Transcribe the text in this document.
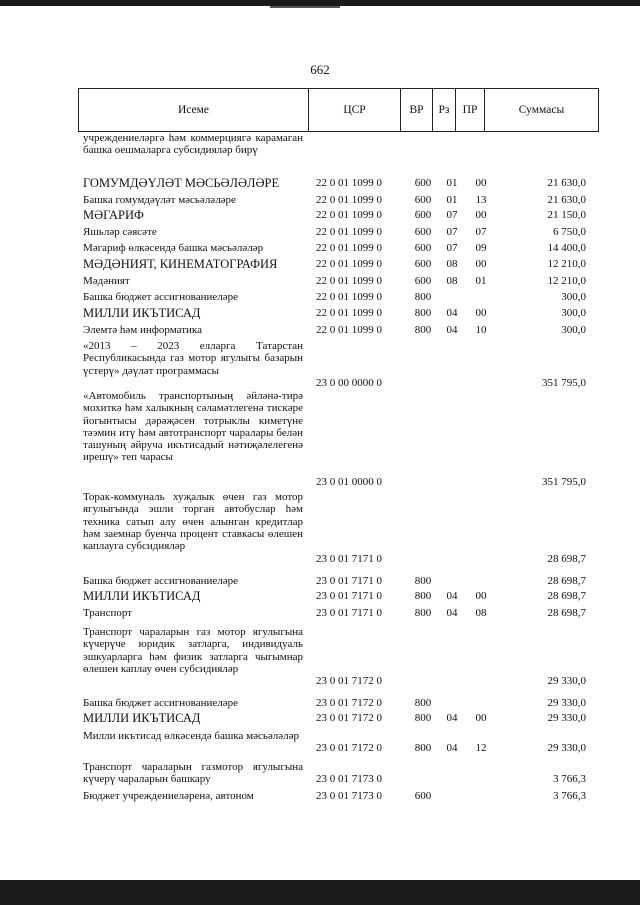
662
Исеме	ЦСР	ВР	Рз	ПР	Суммасы
учреждениеләргә һәм коммерциягә карамаган башка оешмаларга субсидияләр бирү
ГОМУМДӘҮЛӘТ МӘСЬӘЛӘЛӘРЕ	22 0 01 1099 0	600	01	00	21 630,0
Башка гомумдәүләт мәсьәләләре	22 0 01 1099 0	600	01	13	21 630,0
МӘГАРИФ	22 0 01 1099 0	600	07	00	21 150,0
Яшьләр сәясәте	22 0 01 1099 0	600	07	07	6 750,0
Мәгариф өлкәсендә башка мәсьәләләр	22 0 01 1099 0	600	07	09	14 400,0
МӘДӘНИЯТ, КИНЕМАТОГРАФИЯ	22 0 01 1099 0	600	08	00	12 210,0
Мәдәният	22 0 01 1099 0	600	08	01	12 210,0
Башка бюджет ассигнованиеләре	22 0 01 1099 0	800	300,0
МИЛЛИ ИКЪТИСАД	22 0 01 1099 0	800	04	00	300,0
Элемтә һәм информатика	22 0 01 1099 0	800	04	10	300,0
«2013 – 2023 елларга Татарстан Республикасында газ мотор ягулыгы базарын үстерү» дәүләт программасы
23 0 00 0000 0	351 795,0
«Автомобиль транспортының әйләнә-тирә мохиткә һәм халыкның сәламәтлегенә тискәре йогынтысы дәрәҗәсен тотрыклы киметүне тәэмин итү һәм автотранспорт чаралары белән ташуның әйруча икътисадый нәтиҗәлелегенә ирешү» теп чарасы
23 0 01 0000 0	351 795,0
Торак-коммуналь хуҗалык өчен газ мотор ягулыгында эшли торган автобуслар һәм техника сатып алу өчен алынган кредитлар һәм заемнар буенча процент ставкасы өлешен каплауга субсидияләр
23 0 01 7171 0	28 698,7
Башка бюджет ассигнованиеләре	23 0 01 7171 0	800	28 698,7
МИЛЛИ ИКЪТИСАД	23 0 01 7171 0	800	04	00	28 698,7
Транспорт	23 0 01 7171 0	800	04	08	28 698,7
Транспорт чараларын газ мотор ягулыгына күчерүче юридик затларга, индивидуаль эшкуарларга һәм физик затларга чыгымнар өлешен каплау өчен субсидияләр
23 0 01 7172 0	29 330,0
Башка бюджет ассигнованиеләре	23 0 01 7172 0	800	29 330,0
МИЛЛИ ИКЪТИСАД	23 0 01 7172 0	800	04	00	29 330,0
Милли икътисад өлкәсендә башка мәсьәләләр
23 0 01 7172 0	800	04	12	29 330,0
Транспорт чараларын газмотор ягулыгына күчерү чараларын башкару	23 0 01 7173 0	3 766,3
Бюджет учреждениеләренә, автоном	23 0 01 7173 0	600	3 766,3
